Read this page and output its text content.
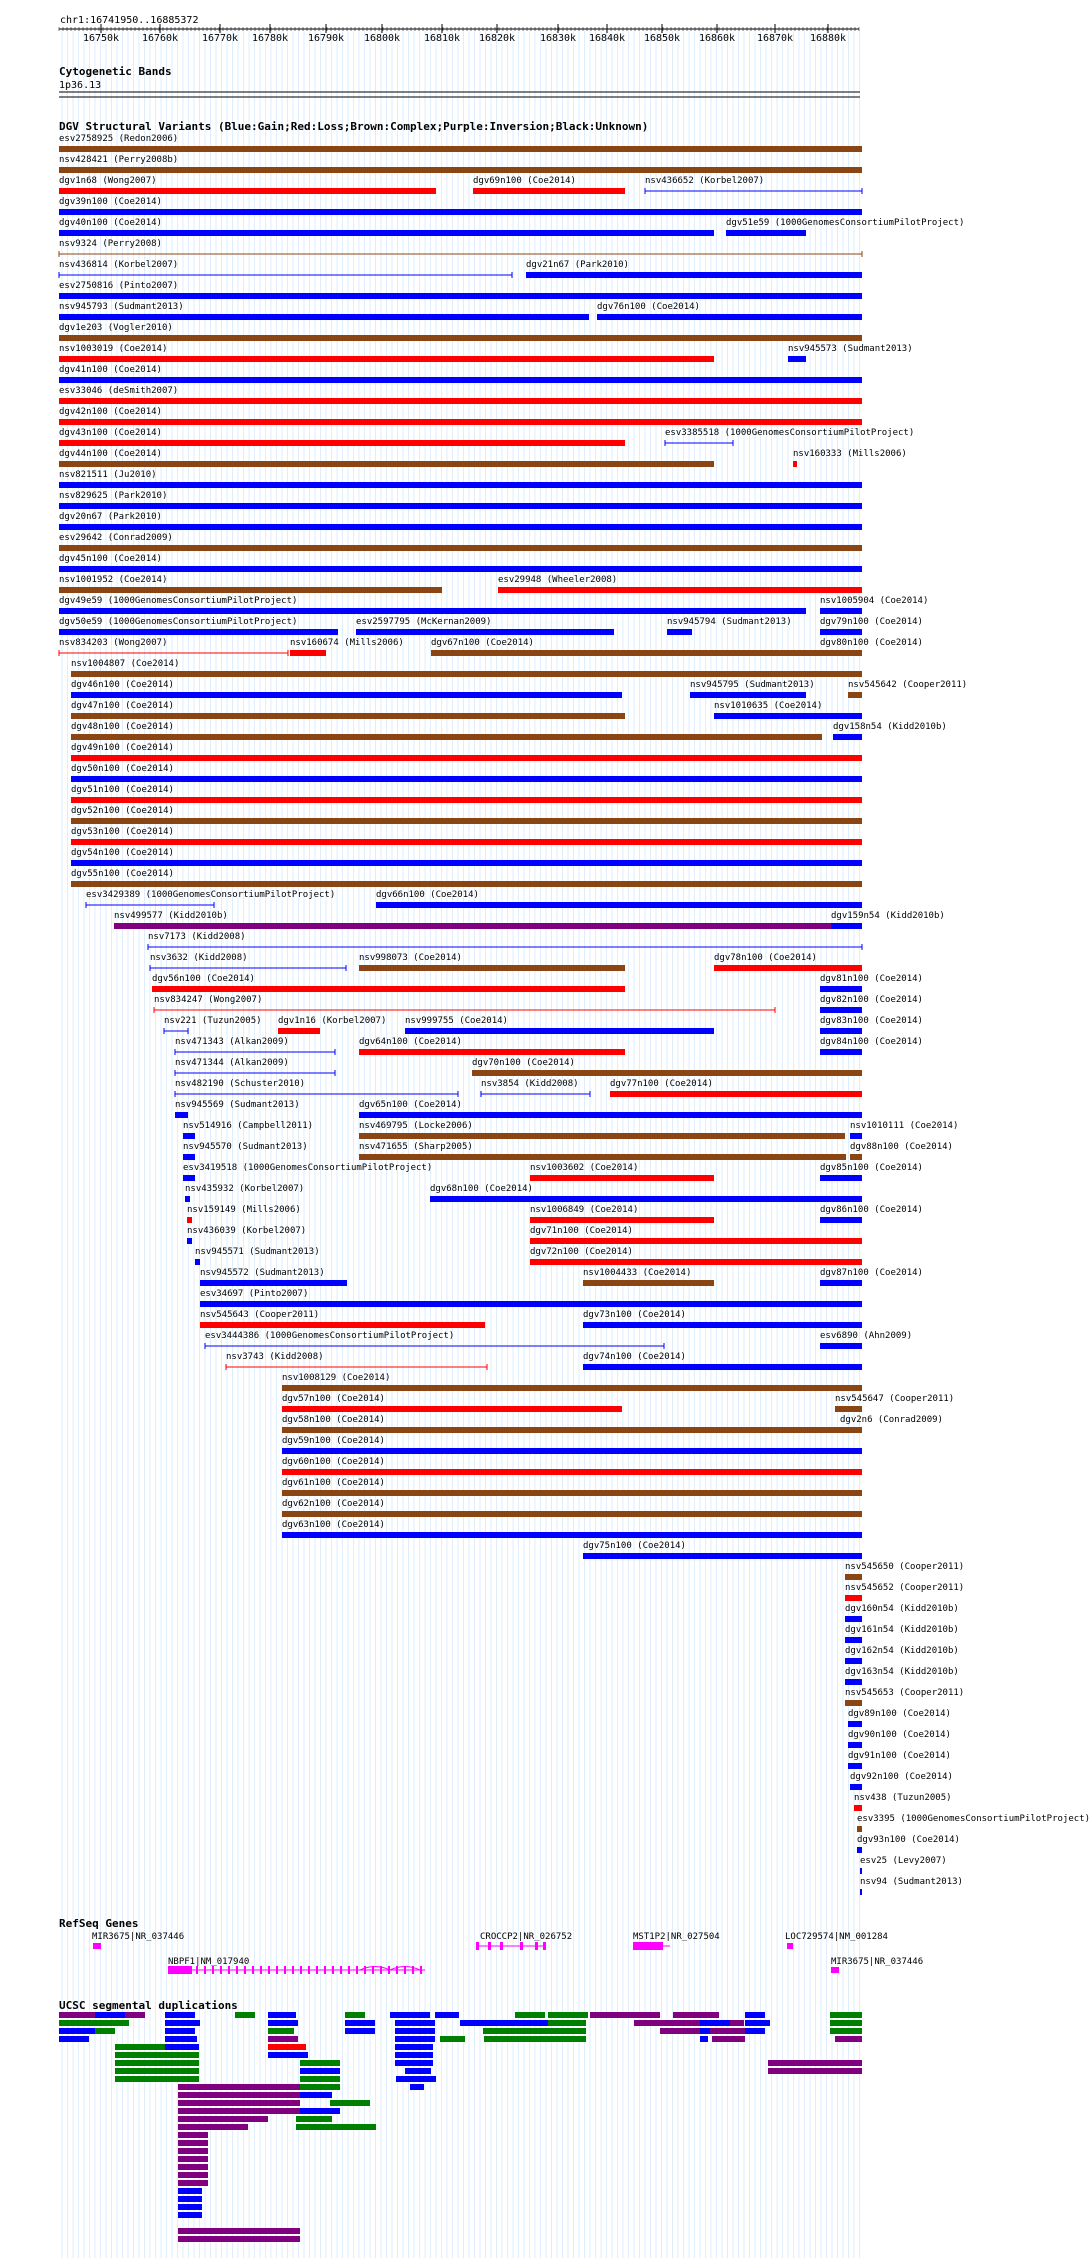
chr1:16741950..16885372
16750k 16760k 16770k 16780k 16790k 16800k 16810k 16820k 16830k 16840k 16850k 16860k 16870k 16880k
Cytogenetic Bands
1p36.13
DGV Structural Variants (Blue:Gain;Red:Loss;Brown:Complex;Purple:Inversion;Black:Unknown)
RefSeq Genes
MIR3675|NR_037446
NBPF1|NM_017940
CROCCP2|NR_026752	MST1P2|NR_027504	LOC729574|NM_001284
MIR3675|NR_037446
UCSC segmental duplications
esv2758925 (Redon2006)
nsv428421 (Perry2008b)
dgv1n68 (Wong2007)	dgv69n100 (Coe2014)	nsv436652 (Korbel2007)
dgv39n100 (Coe2014)
dgv40n100 (Coe2014)	dgv51e59 (1000GenomesConsortiumPilotProject)
nsv9324 (Perry2008)
nsv436814 (Korbel2007)	dgv21n67 (Park2010)
esv2750816 (Pinto2007)
nsv945793 (Sudmant2013)	dgv76n100 (Coe2014)
dgv1e203 (Vogler2010)
nsv1003019 (Coe2014)	nsv945573 (Sudmant2013)
dgv41n100 (Coe2014)
esv33046 (deSmith2007)
dgv42n100 (Coe2014)
dgv43n100 (Coe2014)	esv3385518 (1000GenomesConsortiumPilotProject)
dgv44n100 (Coe2014)	nsv160333 (Mills2006)
nsv821511 (Ju2010)
nsv829625 (Park2010)
dgv20n67 (Park2010)
esv29642 (Conrad2009)
dgv45n100 (Coe2014)
nsv1001952 (Coe2014)	esv29948 (Wheeler2008)
dgv49e59 (1000GenomesConsortiumPilotProject)	nsv1005904 (Coe2014)
dgv50e59 (1000GenomesConsortiumPilotProject)	esv2597795 (McKernan2009)	nsv945794 (Sudmant2013)	dgv79n100 (Coe2014)
nsv834203 (Wong2007)	nsv160674 (Mills2006)	dgv67n100 (Coe2014)	dgv80n100 (Coe2014)
nsv1004807 (Coe2014)
dgv46n100 (Coe2014)	nsv945795 (Sudmant2013)	nsv545642 (Cooper2011)
dgv47n100 (Coe2014)	nsv1010635 (Coe2014)
dgv48n100 (Coe2014)	dgv158n54 (Kidd2010b)
dgv49n100 (Coe2014)
dgv50n100 (Coe2014)
dgv51n100 (Coe2014)
dgv52n100 (Coe2014)
dgv53n100 (Coe2014)
dgv54n100 (Coe2014)
dgv55n100 (Coe2014)
esv3429389 (1000GenomesConsortiumPilotProject)	dgv66n100 (Coe2014)
nsv499577 (Kidd2010b)	dgv159n54 (Kidd2010b)
nsv7173 (Kidd2008)
nsv3632 (Kidd2008)	nsv998073 (Coe2014)	dgv78n100 (Coe2014)
dgv81n100 (Coe2014)
dgv56n100 (Coe2014)
dgv82n100 (Coe2014)
nsv834247 (Wong2007)
nsv221 (Tuzun2005) dgv1n16 (Korbel2007) nsv999755 (Coe2014)	dgv83n100 (Coe2014)
nsv471343 (Alkan2009)	dgv64n100 (Coe2014)	dgv84n100 (Coe2014)
nsv471344 (Alkan2009)	dgv70n100 (Coe2014)
nsv482190 (Schuster2010)	nsv3854 (Kidd2008)	dgv77n100 (Coe2014)
nsv945569 (Sudmant2013)	dgv65n100 (Coe2014)
nsv514916 (Campbell2011)	nsv469795 (Locke2006)	nsv1010111 (Coe2014)
nsv945570 (Sudmant2013)	nsv471655 (Sharp2005)	dgv88n100 (Coe2014)
esv3419518 (1000GenomesConsortiumPilotProject)	nsv1003602 (Coe2014)	dgv85n100 (Coe2014)
nsv435932 (Korbel2007)	dgv68n100 (Coe2014)
nsv159149 (Mills2006)	nsv1006849 (Coe2014)	dgv86n100 (Coe2014)
nsv436039 (Korbel2007)	dgv71n100 (Coe2014)
nsv945571 (Sudmant2013)	dgv72n100 (Coe2014)
nsv945572 (Sudmant2013)	nsv1004433 (Coe2014)	dgv87n100 (Coe2014)
esv34697 (Pinto2007)
nsv545643 (Cooper2011)	dgv73n100 (Coe2014)
esv3444386 (1000GenomesConsortiumPilotProject)	esv6890 (Ahn2009)
nsv3743 (Kidd2008)	dgv74n100 (Coe2014)
nsv1008129 (Coe2014)
dgv57n100 (Coe2014)	nsv545647 (Cooper2011)
dgv58n100 (Coe2014)	dgv2n6 (Conrad2009)
dgv59n100 (Coe2014)
dgv60n100 (Coe2014)
dgv61n100 (Coe2014)
dgv62n100 (Coe2014)
dgv63n100 (Coe2014)
dgv75n100 (Coe2014)
nsv545650 (Cooper2011)
nsv545652 (Cooper2011)
dgv160n54 (Kidd2010b)
dgv161n54 (Kidd2010b)
dgv162n54 (Kidd2010b)
dgv163n54 (Kidd2010b)
nsv545653 (Cooper2011)
dgv89n100 (Coe2014)
dgv90n100 (Coe2014)
dgv91n100 (Coe2014)
dgv92n100 (Coe2014)
nsv438 (Tuzun2005)
esv3395 (1000GenomesConsortiumPilotProject)
dgv93n100 (Coe2014)
esv25 (Levy2007)
nsv94 (Sudmant2013)
